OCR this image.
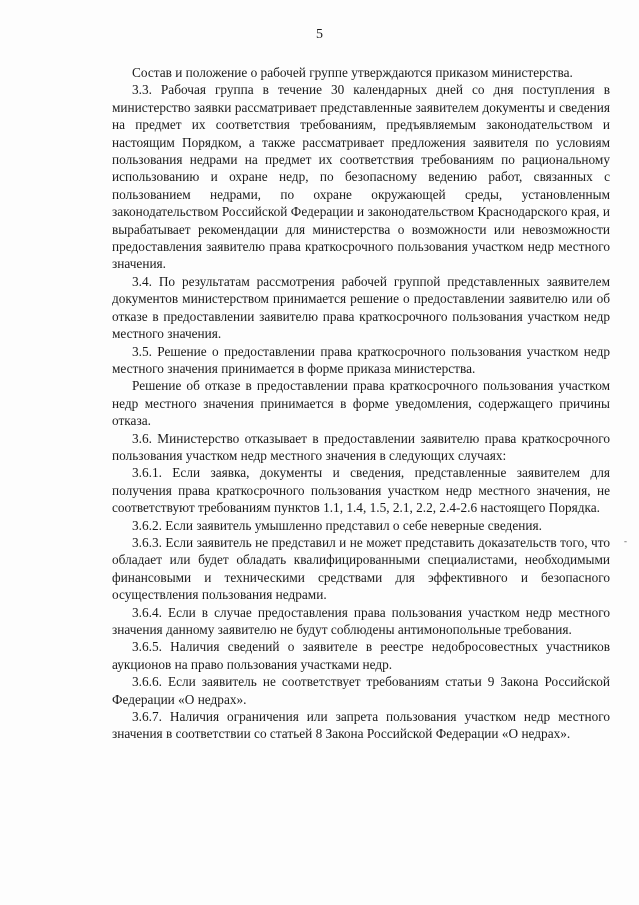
5

Состав и положение о рабочей группе утверждаются приказом министерства.

3.3. Рабочая группа в течение 30 календарных дней со дня поступления в министерство заявки рассматривает представленные заявителем документы и сведения на предмет их соответствия требованиям, предъявляемым законодательством и настоящим Порядком, а также рассматривает предложения заявителя по условиям пользования недрами на предмет их соответствия требованиям по рациональному использованию и охране недр, по безопасному ведению работ, связанных с пользованием недрами, по охране окружающей среды, установленным законодательством Российской Федерации и законодательством Краснодарского края, и вырабатывает рекомендации для министерства о возможности или невозможности предоставления заявителю права краткосрочного пользования участком недр местного значения.

3.4. По результатам рассмотрения рабочей группой представленных заявителем документов министерством принимается решение о предоставлении заявителю или об отказе в предоставлении заявителю права краткосрочного пользования участком недр местного значения.

3.5. Решение о предоставлении права краткосрочного пользования участком недр местного значения принимается в форме приказа министерства.

Решение об отказе в предоставлении права краткосрочного пользования участком недр местного значения принимается в форме уведомления, содержащего причины отказа.

3.6. Министерство отказывает в предоставлении заявителю права краткосрочного пользования участком недр местного значения в следующих случаях:

3.6.1. Если заявка, документы и сведения, представленные заявителем для получения права краткосрочного пользования участком недр местного значения, не соответствуют требованиям пунктов 1.1, 1.4, 1.5, 2.1, 2.2, 2.4-2.6 настоящего Порядка.

3.6.2. Если заявитель умышленно представил о себе неверные сведения.

3.6.3. Если заявитель не представил и не может представить доказательств того, что обладает или будет обладать квалифицированными специалистами, необходимыми финансовыми и техническими средствами для эффективного и безопасного осуществления пользования недрами.

3.6.4. Если в случае предоставления права пользования участком недр местного значения данному заявителю не будут соблюдены антимонопольные требования.

3.6.5. Наличия сведений о заявителе в реестре недобросовестных участников аукционов на право пользования участками недр.

3.6.6. Если заявитель не соответствует требованиям статьи 9 Закона Российской Федерации «О недрах».

3.6.7. Наличия ограничения или запрета пользования участком недр местного значения в соответствии со статьей 8 Закона Российской Федерации «О недрах».

-
